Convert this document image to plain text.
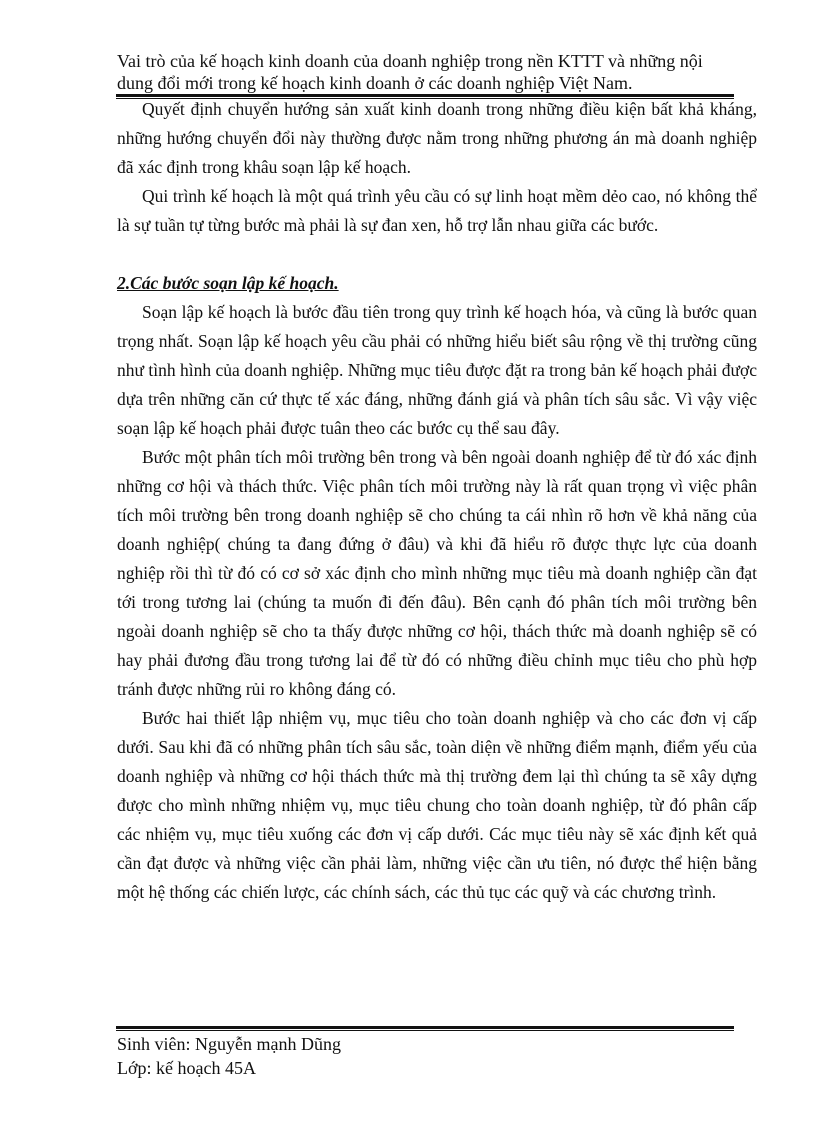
Vai trò của kế hoạch kinh doanh của doanh nghiệp trong nền KTTT và những nội
dung đổi mới trong kế hoạch kinh doanh ở các doanh nghiệp Việt Nam.

Quyết định chuyển hướng sản xuất kinh doanh trong những điều kiện bất khả kháng, những hướng chuyển đổi này thường được nằm trong những phương án mà doanh nghiệp đã xác định trong khâu soạn lập kế hoạch.

Qui trình kế hoạch là một quá trình yêu cầu có sự linh hoạt mềm dẻo cao, nó không thể là sự tuần tự từng bước mà phải là sự đan xen, hỗ trợ lẫn nhau giữa các bước.

2.Các bước soạn lập kế hoạch.

Soạn lập kế hoạch là bước đầu tiên trong quy trình kế hoạch hóa, và cũng là bước quan trọng nhất. Soạn lập kế hoạch yêu cầu phải có những hiểu biết sâu rộng về thị trường cũng như tình hình của doanh nghiệp. Những mục tiêu được đặt ra trong bản kế hoạch phải được dựa trên những căn cứ thực tế xác đáng, những đánh giá và phân tích sâu sắc. Vì vậy việc soạn lập kế hoạch phải được tuân theo các bước cụ thể sau đây.

Bước một phân tích môi trường bên trong và bên ngoài doanh nghiệp để từ đó xác định những cơ hội và thách thức. Việc phân tích môi trường này là rất quan trọng vì việc phân tích môi trường bên trong doanh nghiệp sẽ cho chúng ta cái nhìn rõ hơn về khả năng của doanh nghiệp( chúng ta đang đứng ở đâu) và khi đã hiểu rõ được thực lực của doanh nghiệp rồi thì từ đó có cơ sở xác định cho mình những mục tiêu mà doanh nghiệp cần đạt tới trong tương lai (chúng ta muốn đi đến đâu). Bên cạnh đó phân tích môi trường bên ngoài doanh nghiệp sẽ cho ta thấy được những cơ hội, thách thức mà doanh nghiệp sẽ có hay phải đương đầu trong tương lai để từ đó có những điều chỉnh mục tiêu cho phù hợp tránh được những rủi ro không đáng có.

Bước hai thiết lập nhiệm vụ, mục tiêu cho toàn doanh nghiệp và cho các đơn vị cấp dưới. Sau khi đã có những phân tích sâu sắc, toàn diện về những điểm mạnh, điểm yếu của doanh nghiệp và những cơ hội thách thức mà thị trường đem lại thì chúng ta sẽ xây dựng được cho mình những nhiệm vụ, mục tiêu chung cho toàn doanh nghiệp, từ đó phân cấp các nhiệm vụ, mục tiêu xuống các đơn vị cấp dưới. Các mục tiêu này sẽ xác định kết quả cần đạt được và những việc cần phải làm, những việc cần ưu tiên, nó được thể hiện bằng một hệ thống các chiến lược, các chính sách, các thủ tục các quỹ và các chương trình.

Sinh viên: Nguyễn mạnh Dũng
Lớp: kế hoạch 45A
